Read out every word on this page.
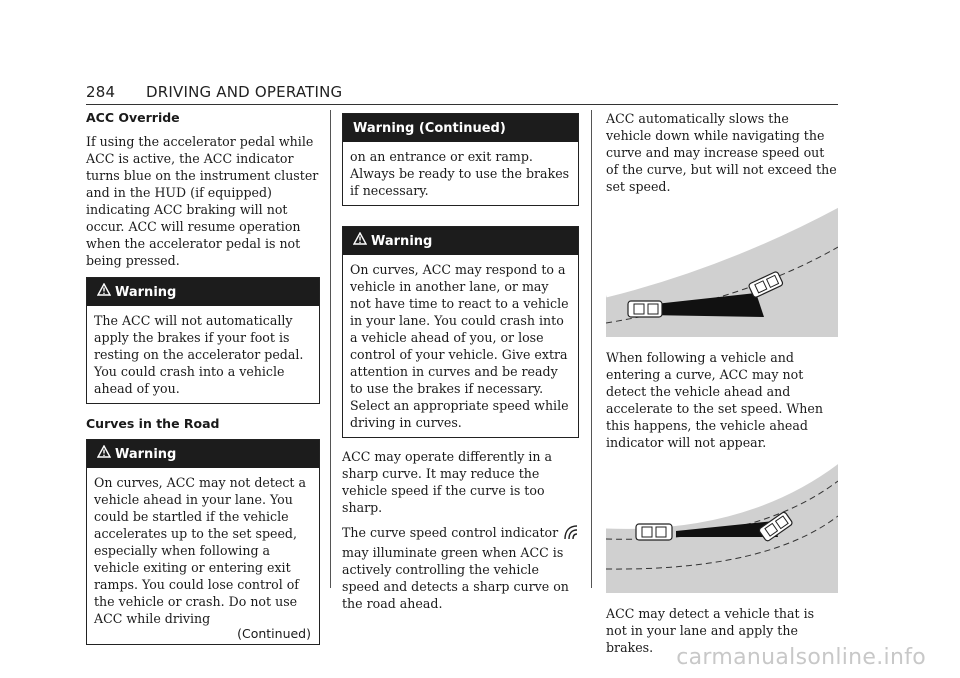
284 DRIVING AND OPERATING
ACC Override
If using the accelerator pedal while ACC is active, the ACC indicator turns blue on the instrument cluster and in the HUD (if equipped) indicating ACC braking will not occur. ACC will resume operation when the accelerator pedal is not being pressed.
Warning
The ACC will not automatically apply the brakes if your foot is resting on the accelerator pedal. You could crash into a vehicle ahead of you.
Curves in the Road
Warning
On curves, ACC may not detect a vehicle ahead in your lane. You could be startled if the vehicle accelerates up to the set speed, especially when following a vehicle exiting or entering exit ramps. You could lose control of the vehicle or crash. Do not use ACC while driving
(Continued)
Warning (Continued)
on an entrance or exit ramp. Always be ready to use the brakes if necessary.
Warning
On curves, ACC may respond to a vehicle in another lane, or may not have time to react to a vehicle in your lane. You could crash into a vehicle ahead of you, or lose control of your vehicle. Give extra attention in curves and be ready to use the brakes if necessary. Select an appropriate speed while driving in curves.
ACC may operate differently in a sharp curve. It may reduce the vehicle speed if the curve is too sharp.
The curve speed control indicator  may illuminate green when ACC is actively controlling the vehicle speed and detects a sharp curve on the road ahead.
ACC automatically slows the vehicle down while navigating the curve and may increase speed out of the curve, but will not exceed the set speed.
When following a vehicle and entering a curve, ACC may not detect the vehicle ahead and accelerate to the set speed. When this happens, the vehicle ahead indicator will not appear.
ACC may detect a vehicle that is not in your lane and apply the brakes.	carmanualsonline.info
